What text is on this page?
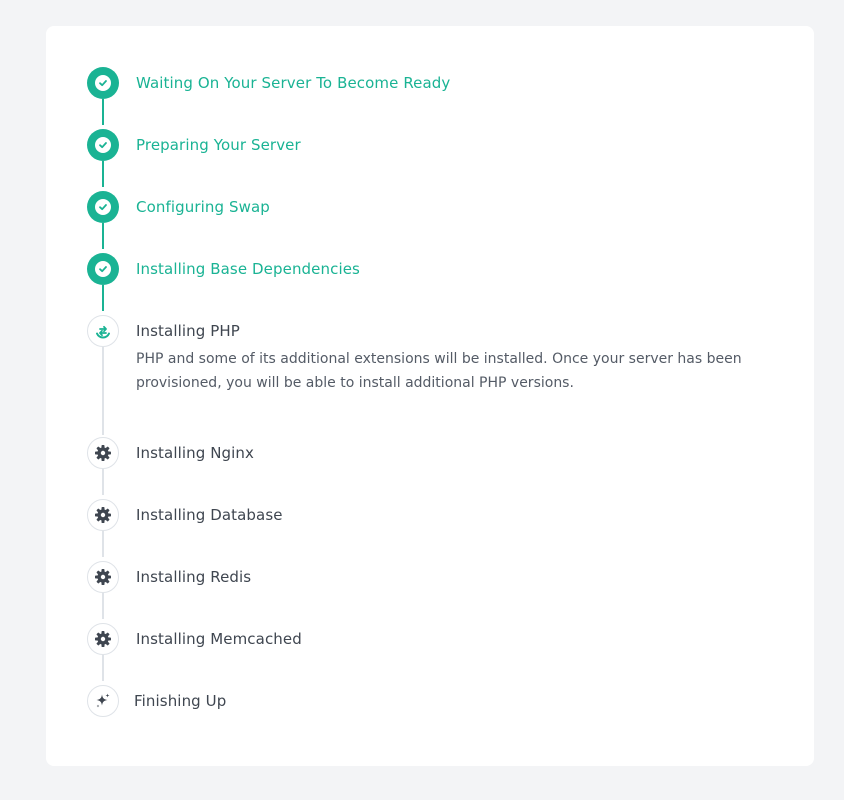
Waiting On Your Server To Become Ready
Preparing Your Server
Configuring Swap
Installing Base Dependencies
Installing PHP
PHP and some of its additional extensions will be installed. Once your server has been provisioned, you will be able to install additional PHP versions.
Installing Nginx
Installing Database
Installing Redis
Installing Memcached
Finishing Up
